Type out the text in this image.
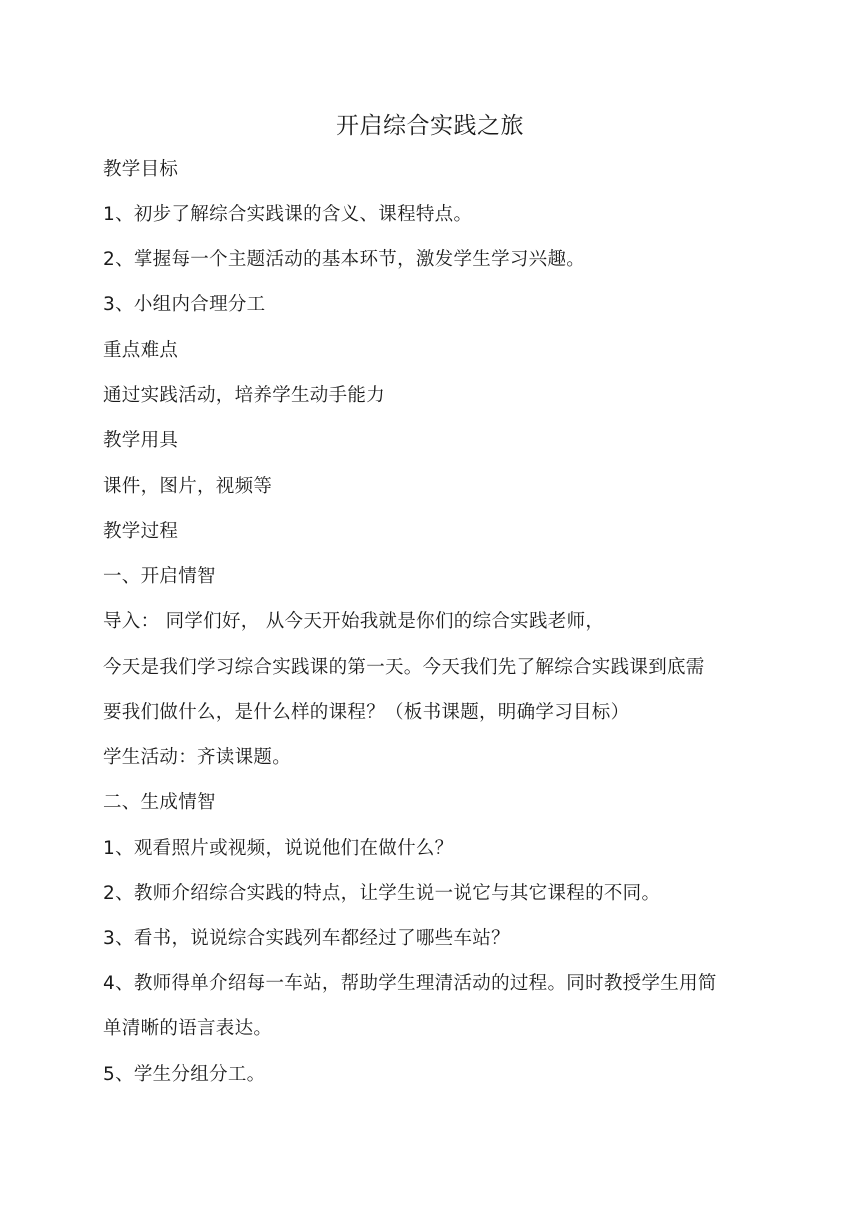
开启综合实践之旅
教学目标
1、初步了解综合实践课的含义、课程特点。
2、掌握每一个主题活动的基本环节，激发学生学习兴趣。
3、小组内合理分工
重点难点
通过实践活动，培养学生动手能力
教学用具
课件，图片，视频等
教学过程
一、开启情智
导入： 同学们好， 从今天开始我就是你们的综合实践老师，
今天是我们学习综合实践课的第一天。今天我们先了解综合实践课到底需
要我们做什么，是什么样的课程？（板书课题，明确学习目标）
学生活动：齐读课题。
二、生成情智
1、观看照片或视频，说说他们在做什么？
2、教师介绍综合实践的特点，让学生说一说它与其它课程的不同。
3、看书，说说综合实践列车都经过了哪些车站？
4、教师得单介绍每一车站，帮助学生理清活动的过程。同时教授学生用简
单清晰的语言表达。
5、学生分组分工。
